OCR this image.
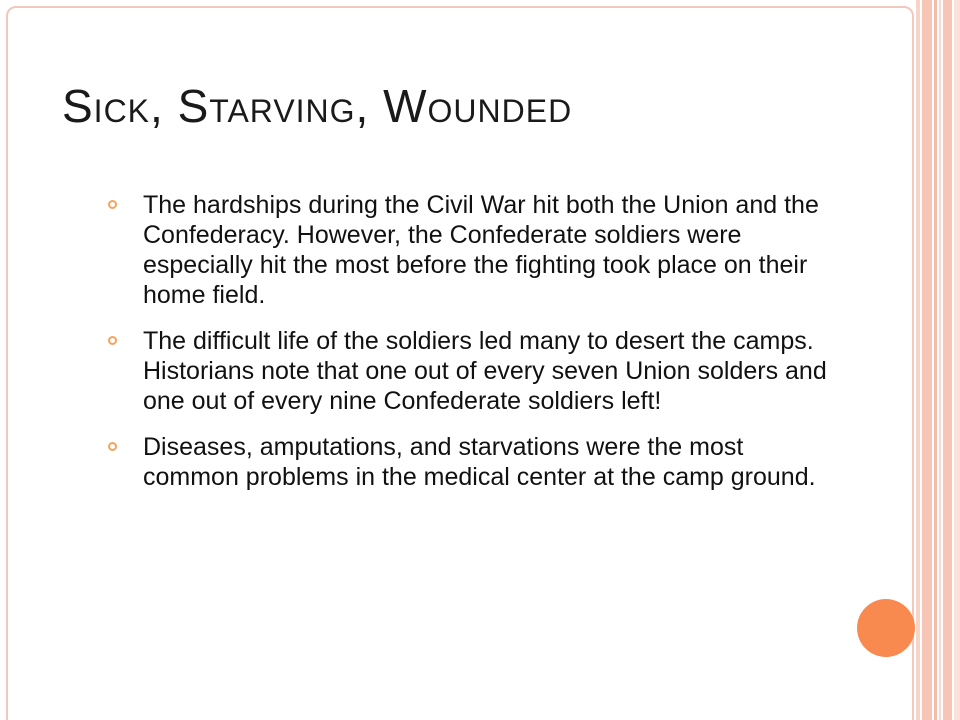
Sick, Starving, Wounded
The hardships during the Civil War hit both the Union and the Confederacy. However, the Confederate soldiers were especially hit the most before the fighting took place on their home field.
The difficult life of the soldiers led many to desert the camps. Historians note that one out of every seven Union solders and one out of every nine Confederate soldiers left!
Diseases, amputations, and starvations were the most common problems in the medical center at the camp ground.
